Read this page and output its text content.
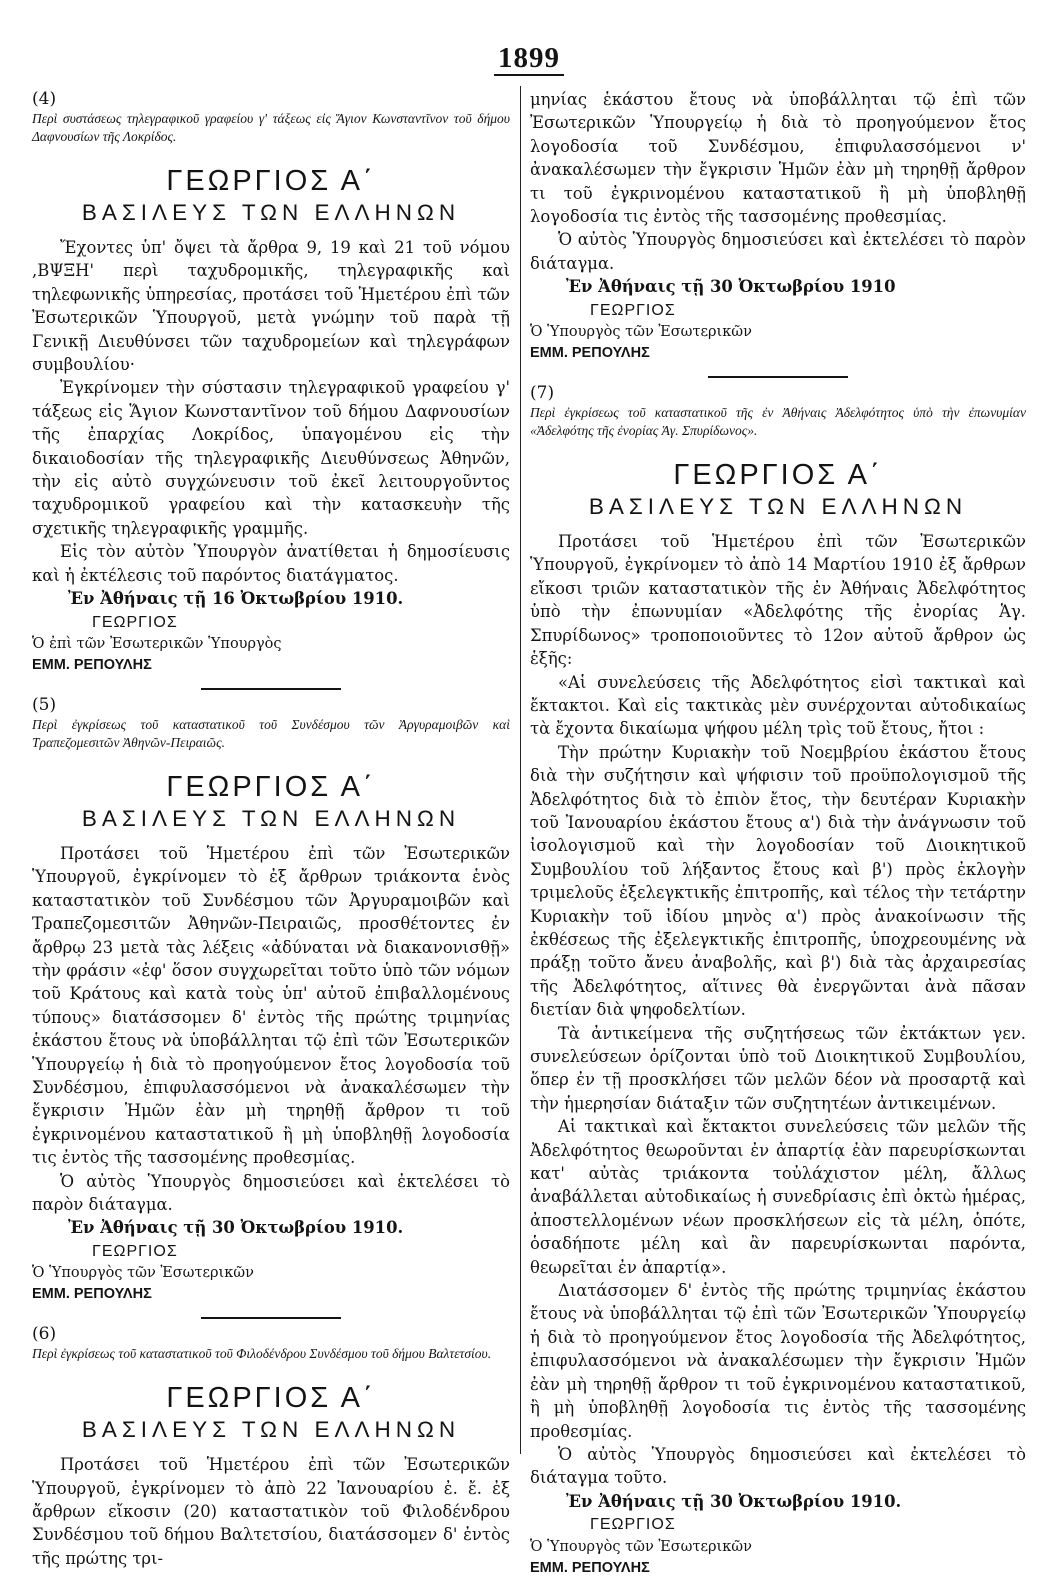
1899

(4)

Περὶ συστάσεως τηλεγραφικοῦ γραφείου γ' τάξεως εἰς Ἅγιον Κωνσταντῖνον τοῦ δήμου Δαφνουσίων τῆς Λοκρίδος.

ΓΕΩΡΓΙΟΣ Α΄
ΒΑΣΙΛΕΥΣ ΤΩΝ ΕΛΛΗΝΩΝ

Ἔχοντες ὑπ' ὄψει τὰ ἄρθρα 9, 19 καὶ 21 τοῦ νόμου ,ΒΨΞΗ' περὶ ταχυδρομικῆς, τηλεγραφικῆς καὶ τηλεφωνικῆς ὑπηρεσίας, προτάσει τοῦ Ἡμετέρου ἐπὶ τῶν Ἐσωτερικῶν Ὑπουργοῦ, μετὰ γνώμην τοῦ παρὰ τῇ Γενικῇ Διευθύνσει τῶν ταχυδρομείων καὶ τηλεγράφων συμβουλίου·

Ἐγκρίνομεν τὴν σύστασιν τηλεγραφικοῦ γραφείου γ' τάξεως εἰς Ἅγιον Κωνσταντῖνον τοῦ δήμου Δαφνουσίων τῆς ἐπαρχίας Λοκρίδος, ὑπαγομένου εἰς τὴν δικαιοδοσίαν τῆς τηλεγραφικῆς Διευθύνσεως Ἀθηνῶν, τὴν εἰς αὐτὸ συγχώνευσιν τοῦ ἐκεῖ λειτουργοῦντος ταχυδρομικοῦ γραφείου καὶ τὴν κατασκευὴν τῆς σχετικῆς τηλεγραφικῆς γραμμῆς.

Εἰς τὸν αὐτὸν Ὑπουργὸν ἀνατίθεται ἡ δημοσίευσις καὶ ἡ ἐκτέλεσις τοῦ παρόντος διατάγματος.

Ἐν Ἀθήναις τῇ 16 Ὀκτωβρίου 1910.

ΓΕΩΡΓΙΟΣ

Ὁ ἐπὶ τῶν Ἐσωτερικῶν Ὑπουργὸς

ΕΜΜ. ΡΕΠΟΥΛΗΣ

(5)

Περὶ ἐγκρίσεως τοῦ καταστατικοῦ τοῦ Συνδέσμου τῶν Ἀργυραμοιβῶν καὶ Τραπεζομεσιτῶν Ἀθηνῶν-Πειραιῶς.

ΓΕΩΡΓΙΟΣ Α΄
ΒΑΣΙΛΕΥΣ ΤΩΝ ΕΛΛΗΝΩΝ

Προτάσει τοῦ Ἡμετέρου ἐπὶ τῶν Ἐσωτερικῶν Ὑπουργοῦ, ἐγκρίνομεν τὸ ἐξ ἄρθρων τριάκοντα ἑνὸς καταστατικὸν τοῦ Συνδέσμου τῶν Ἀργυραμοιβῶν καὶ Τραπεζομεσιτῶν Ἀθηνῶν-Πειραιῶς, προσθέτοντες ἐν ἄρθρῳ 23 μετὰ τὰς λέξεις «ἀδύναται νὰ διακανονισθῇ» τὴν φράσιν «ἐφ' ὅσον συγχωρεῖται τοῦτο ὑπὸ τῶν νόμων τοῦ Κράτους καὶ κατὰ τοὺς ὑπ' αὐτοῦ ἐπιβαλλομένους τύπους» διατάσσομεν δ' ἐντὸς τῆς πρώτης τριμηνίας ἑκάστου ἔτους νὰ ὑποβάλληται τῷ ἐπὶ τῶν Ἐσωτερικῶν Ὑπουργείῳ ἡ διὰ τὸ προηγούμενον ἔτος λογοδοσία τοῦ Συνδέσμου, ἐπιφυλασσόμενοι νὰ ἀνακαλέσωμεν τὴν ἔγκρισιν Ἡμῶν ἐὰν μὴ τηρηθῇ ἄρθρον τι τοῦ ἐγκρινομένου καταστατικοῦ ἢ μὴ ὑποβληθῇ λογοδοσία τις ἐντὸς τῆς τασσομένης προθεσμίας.

Ὁ αὐτὸς Ὑπουργὸς δημοσιεύσει καὶ ἐκτελέσει τὸ παρὸν διάταγμα.

Ἐν Ἀθήναις τῇ 30 Ὀκτωβρίου 1910.

ΓΕΩΡΓΙΟΣ

Ὁ Ὑπουργὸς τῶν Ἐσωτερικῶν

ΕΜΜ. ΡΕΠΟΥΛΗΣ

(6)

Περὶ ἐγκρίσεως τοῦ καταστατικοῦ τοῦ Φιλοδένδρου Συνδέσμου τοῦ δήμου Βαλτετσίου.

ΓΕΩΡΓΙΟΣ Α΄
ΒΑΣΙΛΕΥΣ ΤΩΝ ΕΛΛΗΝΩΝ

Προτάσει τοῦ Ἡμετέρου ἐπὶ τῶν Ἐσωτερικῶν Ὑπουργοῦ, ἐγκρίνομεν τὸ ἀπὸ 22 Ἰανουαρίου ἐ. ἔ. ἐξ ἄρθρων εἴκοσιν (20) καταστατικὸν τοῦ Φιλοδένδρου Συνδέσμου τοῦ δήμου Βαλτετσίου, διατάσσομεν δ' ἐντὸς τῆς πρώτης τρι-

μηνίας ἑκάστου ἔτους νὰ ὑποβάλληται τῷ ἐπὶ τῶν Ἐσωτερικῶν Ὑπουργείῳ ἡ διὰ τὸ προηγούμενον ἔτος λογοδοσία τοῦ Συνδέσμου, ἐπιφυλασσόμενοι ν' ἀνακαλέσωμεν τὴν ἔγκρισιν Ἡμῶν ἐὰν μὴ τηρηθῇ ἄρθρον τι τοῦ ἐγκρινομένου καταστατικοῦ ἢ μὴ ὑποβληθῇ λογοδοσία τις ἐντὸς τῆς τασσομένης προθεσμίας.

Ὁ αὐτὸς Ὑπουργὸς δημοσιεύσει καὶ ἐκτελέσει τὸ παρὸν διάταγμα.

Ἐν Ἀθήναις τῇ 30 Ὀκτωβρίου 1910

ΓΕΩΡΓΙΟΣ

Ὁ Ὑπουργὸς τῶν Ἐσωτερικῶν

ΕΜΜ. ΡΕΠΟΥΛΗΣ

(7)

Περὶ ἐγκρίσεως τοῦ καταστατικοῦ τῆς ἐν Ἀθήναις Ἀδελφότητος ὑπὸ τὴν ἐπωνυμίαν «Ἀδελφότης τῆς ἐνορίας Ἁγ. Σπυρίδωνος».

ΓΕΩΡΓΙΟΣ Α΄
ΒΑΣΙΛΕΥΣ ΤΩΝ ΕΛΛΗΝΩΝ

Προτάσει τοῦ Ἡμετέρου ἐπὶ τῶν Ἐσωτερικῶν Ὑπουργοῦ, ἐγκρίνομεν τὸ ἀπὸ 14 Μαρτίου 1910 ἐξ ἄρθρων εἴκοσι τριῶν καταστατικὸν τῆς ἐν Ἀθήναις Ἀδελφότητος ὑπὸ τὴν ἐπωνυμίαν «Ἀδελφότης τῆς ἐνορίας Ἁγ. Σπυρίδωνος» τροποποιοῦντες τὸ 12ον αὐτοῦ ἄρθρον ὡς ἑξῆς:

«Αἱ συνελεύσεις τῆς Ἀδελφότητος εἰσὶ τακτικαὶ καὶ ἔκτακτοι. Καὶ εἰς τακτικὰς μὲν συνέρχονται αὐτοδικαίως τὰ ἔχοντα δικαίωμα ψήφου μέλη τρὶς τοῦ ἔτους, ἤτοι :

Τὴν πρώτην Κυριακὴν τοῦ Νοεμβρίου ἑκάστου ἔτους διὰ τὴν συζήτησιν καὶ ψήφισιν τοῦ προϋπολογισμοῦ τῆς Ἀδελφότητος διὰ τὸ ἐπιὸν ἔτος, τὴν δευτέραν Κυριακὴν τοῦ Ἰανουαρίου ἑκάστου ἔτους α') διὰ τὴν ἀνάγνωσιν τοῦ ἰσολογισμοῦ καὶ τὴν λογοδοσίαν τοῦ Διοικητικοῦ Συμβουλίου τοῦ λήξαντος ἔτους καὶ β') πρὸς ἐκλογὴν τριμελοῦς ἐξελεγκτικῆς ἐπιτροπῆς, καὶ τέλος τὴν τετάρτην Κυριακὴν τοῦ ἰδίου μηνὸς α') πρὸς ἀνακοίνωσιν τῆς ἐκθέσεως τῆς ἐξελεγκτικῆς ἐπιτροπῆς, ὑποχρεουμένης νὰ πράξῃ τοῦτο ἄνευ ἀναβολῆς, καὶ β') διὰ τὰς ἀρχαιρεσίας τῆς Ἀδελφότητος, αἵτινες θὰ ἐνεργῶνται ἀνὰ πᾶσαν διετίαν διὰ ψηφοδελτίων.

Τὰ ἀντικείμενα τῆς συζητήσεως τῶν ἐκτάκτων γεν. συνελεύσεων ὁρίζονται ὑπὸ τοῦ Διοικητικοῦ Συμβουλίου, ὅπερ ἐν τῇ προσκλήσει τῶν μελῶν δέον νὰ προσαρτᾷ καὶ τὴν ἡμερησίαν διάταξιν τῶν συζητητέων ἀντικειμένων.

Αἱ τακτικαὶ καὶ ἔκτακτοι συνελεύσεις τῶν μελῶν τῆς Ἀδελφότητος θεωροῦνται ἐν ἀπαρτίᾳ ἐὰν παρευρίσκωνται κατ' αὐτὰς τριάκοντα τοὐλάχιστον μέλη, ἄλλως ἀναβάλλεται αὐτοδικαίως ἡ συνεδρίασις ἐπὶ ὀκτὼ ἡμέρας, ἀποστελλομένων νέων προσκλήσεων εἰς τὰ μέλη, ὁπότε, ὁσαδήποτε μέλη καὶ ἂν παρευρίσκωνται παρόντα, θεωρεῖται ἐν ἀπαρτίᾳ».

Διατάσσομεν δ' ἐντὸς τῆς πρώτης τριμηνίας ἑκάστου ἔτους νὰ ὑποβάλληται τῷ ἐπὶ τῶν Ἐσωτερικῶν Ὑπουργείῳ ἡ διὰ τὸ προηγούμενον ἔτος λογοδοσία τῆς Ἀδελφότητος, ἐπιφυλασσόμενοι νὰ ἀνακαλέσωμεν τὴν ἔγκρισιν Ἡμῶν ἐὰν μὴ τηρηθῇ ἄρθρον τι τοῦ ἐγκρινομένου καταστατικοῦ, ἢ μὴ ὑποβληθῇ λογοδοσία τις ἐντὸς τῆς τασσομένης προθεσμίας.

Ὁ αὐτὸς Ὑπουργὸς δημοσιεύσει καὶ ἐκτελέσει τὸ διάταγμα τοῦτο.

Ἐν Ἀθήναις τῇ 30 Ὀκτωβρίου 1910.

ΓΕΩΡΓΙΟΣ

Ὁ Ὑπουργὸς τῶν Ἐσωτερικῶν

ΕΜΜ. ΡΕΠΟΥΛΗΣ
